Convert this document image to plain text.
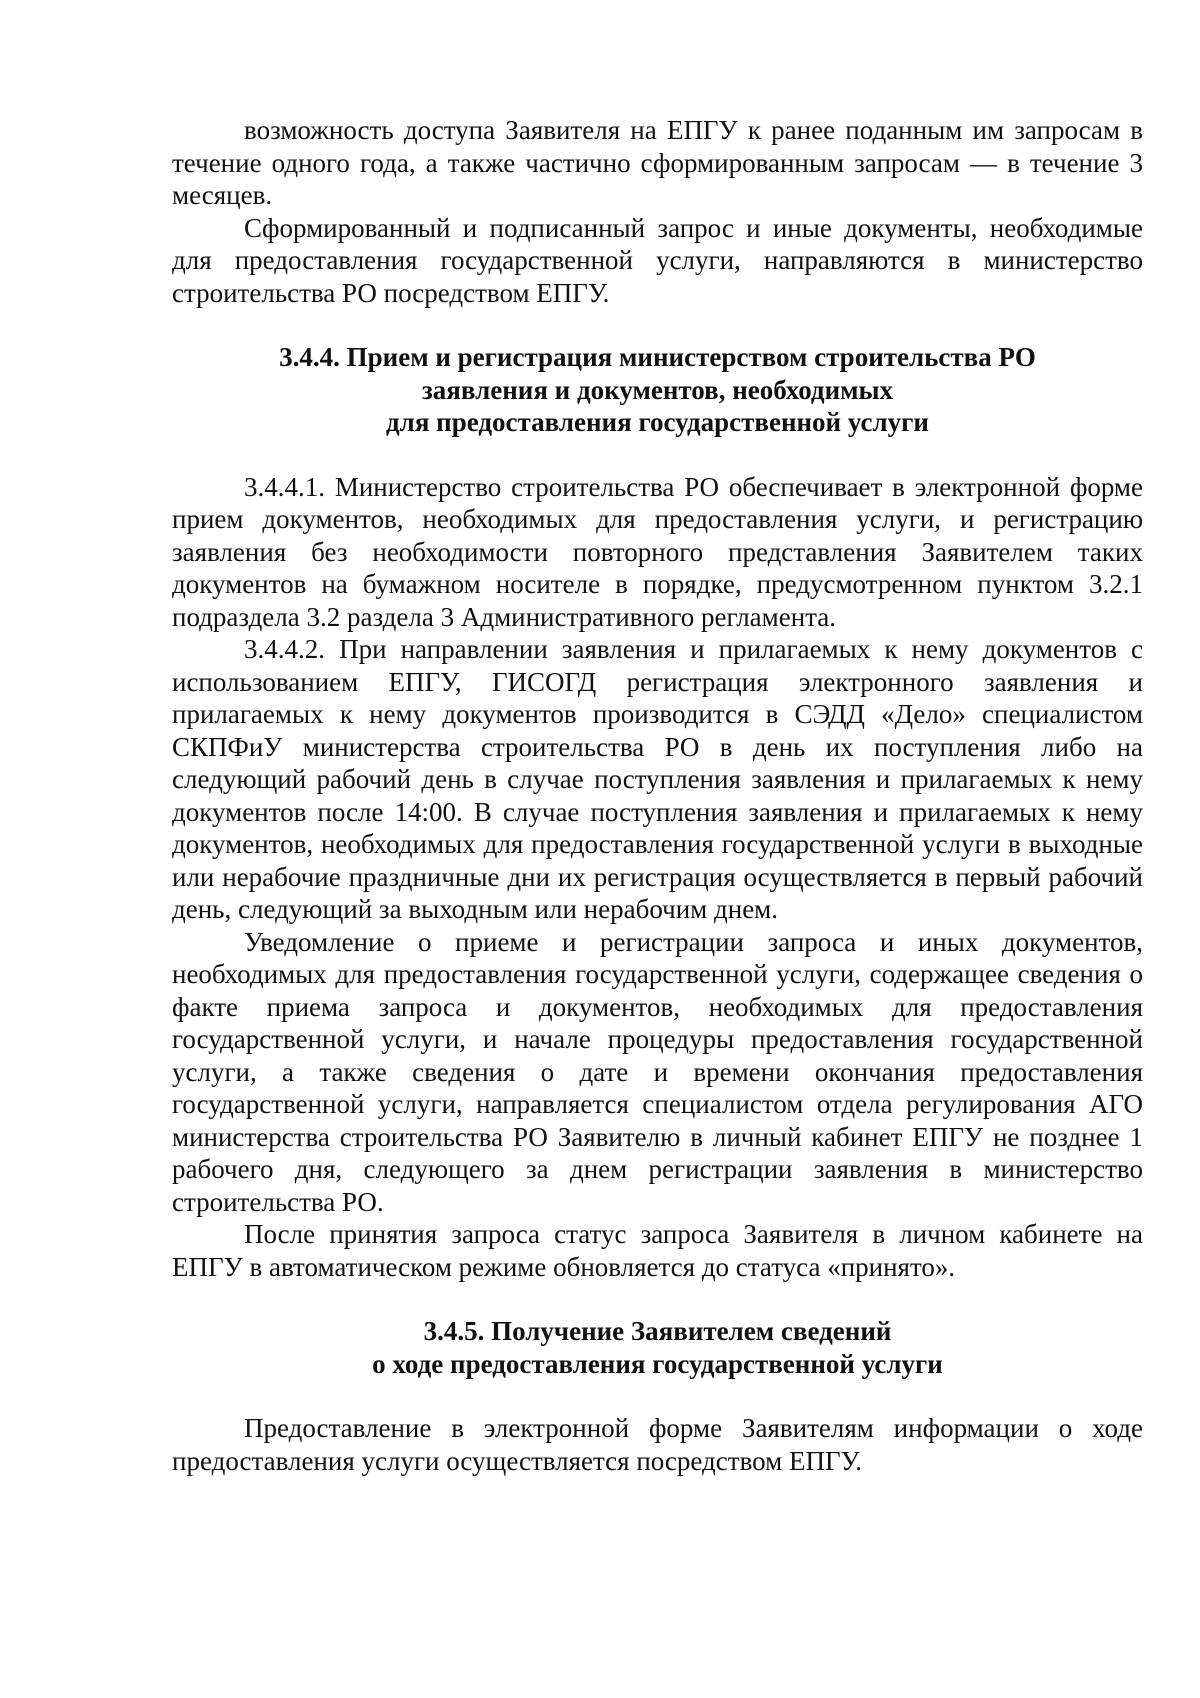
возможность доступа Заявителя на ЕПГУ к ранее поданным им запросам в течение одного года, а также частично сформированным запросам — в течение 3 месяцев.

Сформированный и подписанный запрос и иные документы, необходимые для предоставления государственной услуги, направляются в министерство строительства РО посредством ЕПГУ.

3.4.4. Прием и регистрация министерством строительства РО
заявления и документов, необходимых
для предоставления государственной услуги

3.4.4.1. Министерство строительства РО обеспечивает в электронной форме прием документов, необходимых для предоставления услуги, и регистрацию заявления без необходимости повторного представления Заявителем таких документов на бумажном носителе в порядке, предусмотренном пунктом 3.2.1 подраздела 3.2 раздела 3 Административного регламента.

3.4.4.2. При направлении заявления и прилагаемых к нему документов с использованием ЕПГУ, ГИСОГД регистрация электронного заявления и прилагаемых к нему документов производится в СЭДД «Дело» специалистом СКПФиУ министерства строительства РО в день их поступления либо на следующий рабочий день в случае поступления заявления и прилагаемых к нему документов после 14:00. В случае поступления заявления и прилагаемых к нему документов, необходимых для предоставления государственной услуги в выходные или нерабочие праздничные дни их регистрация осуществляется в первый рабочий день, следующий за выходным или нерабочим днем.

Уведомление о приеме и регистрации запроса и иных документов, необходимых для предоставления государственной услуги, содержащее сведения о факте приема запроса и документов, необходимых для предоставления государственной услуги, и начале процедуры предоставления государственной услуги, а также сведения о дате и времени окончания предоставления государственной услуги, направляется специалистом отдела регулирования АГО министерства строительства РО Заявителю в личный кабинет ЕПГУ не позднее 1 рабочего дня, следующего за днем регистрации заявления в министерство строительства РО.

После принятия запроса статус запроса Заявителя в личном кабинете на ЕПГУ в автоматическом режиме обновляется до статуса «принято».

3.4.5. Получение Заявителем сведений
о ходе предоставления государственной услуги

Предоставление в электронной форме Заявителям информации о ходе предоставления услуги осуществляется посредством ЕПГУ.
